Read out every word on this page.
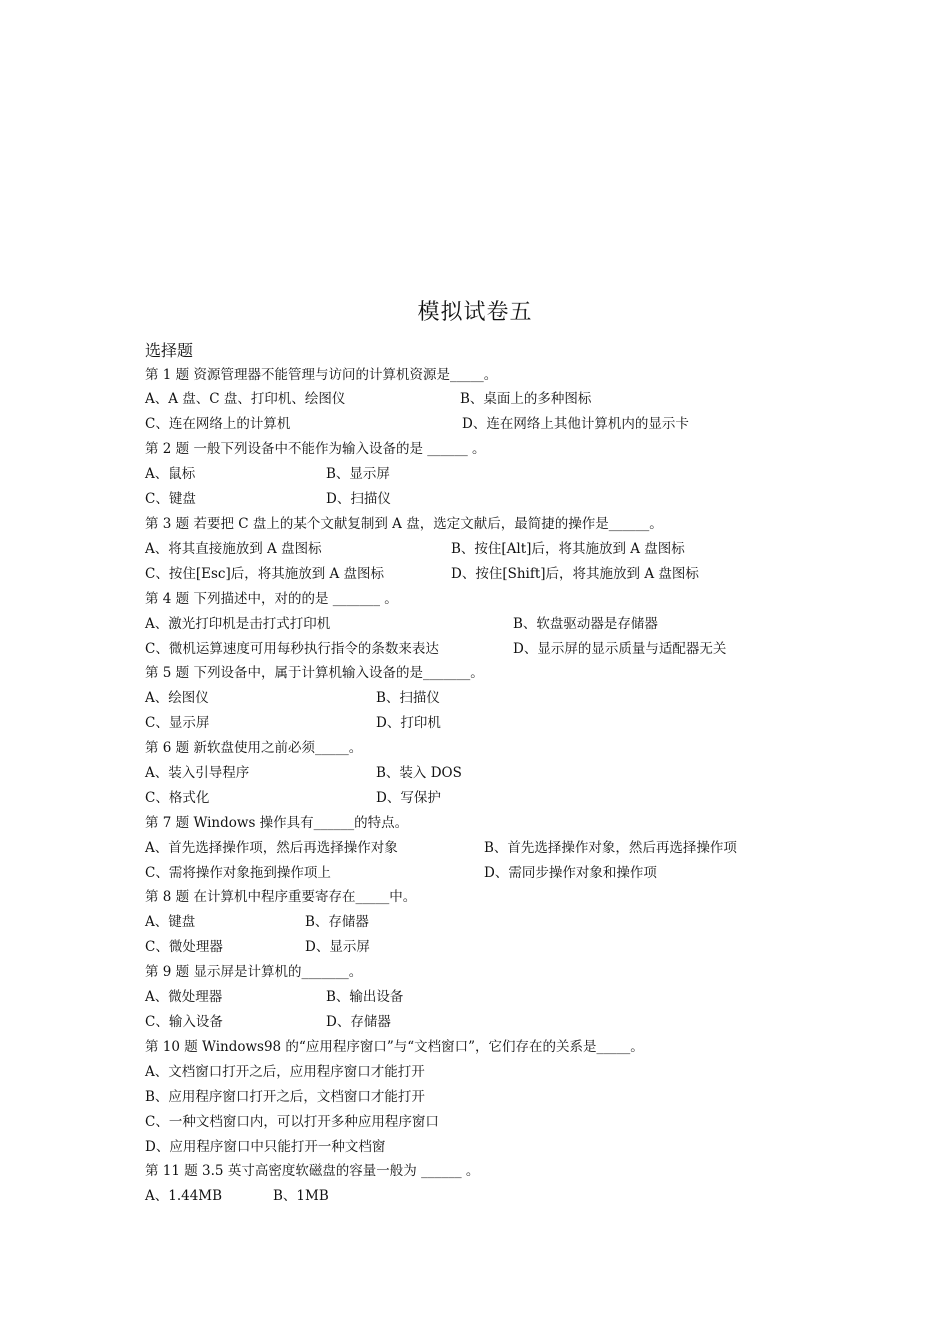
模拟试卷五
选择题
第 1 题 资源管理器不能管理与访问的计算机资源是_____。
A、A 盘、C 盘、打印机、绘图仪	B、桌面上的多种图标
C、连在网络上的计算机	D、连在网络上其他计算机内的显示卡
第 2 题 一般下列设备中不能作为输入设备的是 ______ 。
A、鼠标	B、显示屏
C、键盘	D、扫描仪
第 3 题 若要把 C 盘上的某个文献复制到 A 盘，选定文献后，最简捷的操作是______。
A、将其直接施放到 A 盘图标	B、按住[Alt]后，将其施放到 A 盘图标
C、按住[Esc]后，将其施放到 A 盘图标	D、按住[Shift]后，将其施放到 A 盘图标
第 4 题 下列描述中，对的的是 _______ 。
A、激光打印机是击打式打印机	B、软盘驱动器是存储器
C、微机运算速度可用每秒执行指令的条数来表达	D、显示屏的显示质量与适配器无关
第 5 题 下列设备中，属于计算机输入设备的是_______。
A、绘图仪	B、扫描仪
C、显示屏	D、打印机
第 6 题 新软盘使用之前必须_____。
A、装入引导程序	B、装入 DOS
C、格式化	D、写保护
第 7 题 Windows 操作具有______的特点。
A、首先选择操作项，然后再选择操作对象	B、首先选择操作对象，然后再选择操作项
C、需将操作对象拖到操作项上	D、需同步操作对象和操作项
第 8 题 在计算机中程序重要寄存在_____中。
A、键盘	B、存储器
C、微处理器	D、显示屏
第 9 题 显示屏是计算机的_______。
A、微处理器	B、输出设备
C、输入设备	D、存储器
第 10 题 Windows98 的“应用程序窗口”与“文档窗口”，它们存在的关系是_____。
A、文档窗口打开之后，应用程序窗口才能打开
B、应用程序窗口打开之后，文档窗口才能打开
C、一种文档窗口内，可以打开多种应用程序窗口
D、应用程序窗口中只能打开一种文档窗
第 11 题 3.5 英寸高密度软磁盘的容量一般为 ______ 。
A、1.44MB	B、1MB
